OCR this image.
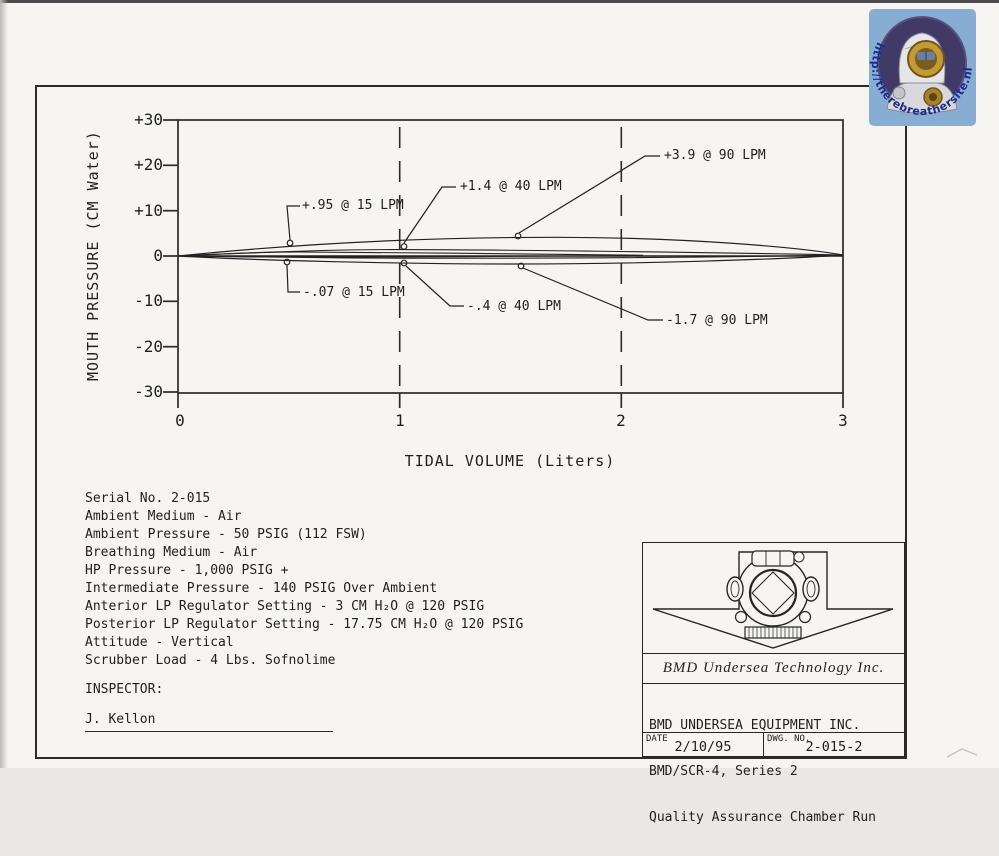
+30
+20
+10
0
-10
-20
-30
0	1	2	3
MOUTH PRESSURE (CM Water)
TIDAL VOLUME (Liters)
+.95 @ 15 LPM
+1.4 @ 40 LPM
+3.9 @ 90 LPM
-.07 @ 15 LPM
-.4 @ 40 LPM
-1.7 @ 90 LPM
Serial No. 2-015
Ambient Medium - Air
Ambient Pressure - 50 PSIG (112 FSW)
Breathing Medium - Air
HP Pressure - 1,000 PSIG +
Intermediate Pressure - 140 PSIG Over Ambient
Anterior LP Regulator Setting - 3 CM H₂O @ 120 PSIG
Posterior LP Regulator Setting - 17.75 CM H₂O @ 120 PSIG
Attitude - Vertical
Scrubber Load - 4 Lbs. Sofnolime
INSPECTOR:
J. Kellon
BMD Undersea Technology Inc.

BMD UNDERSEA EQUIPMENT INC.

BMD/SCR-4, Series 2

Quality Assurance Chamber Run

DATE 2/10/95	DWG. NO.
2-015-2
http://therebreathersite.nl
